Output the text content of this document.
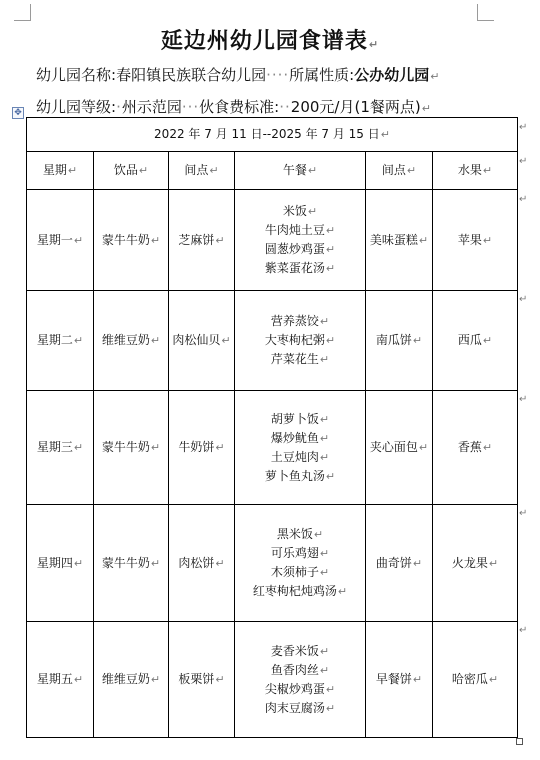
延边州幼儿园食谱表↵
幼儿园名称:春阳镇民族联合幼儿园····所属性质:公办幼儿园↵
幼儿园等级:·州示范园···伙食费标准:··200元/月(1餐两点)↵
✥
2022 年 7 月 11 日--2025 年 7 月 15 日↵					
星期↵	饮品↵	间点↵	午餐↵	间点↵	水果↵
星期一↵	蒙牛牛奶↵	芝麻饼↵	米饭↵
牛肉炖土豆↵
圆葱炒鸡蛋↵
紫菜蛋花汤↵	美味蛋糕↵	苹果↵
星期二↵	维维豆奶↵	肉松仙贝↵	营养蒸饺↵
大枣枸杞粥↵
芹菜花生↵	南瓜饼↵	西瓜↵
星期三↵	蒙牛牛奶↵	牛奶饼↵	胡萝卜饭↵
爆炒鱿鱼↵
土豆炖肉↵
萝卜鱼丸汤↵	夹心面包↵	香蕉↵
星期四↵	蒙牛牛奶↵	肉松饼↵	黑米饭↵
可乐鸡翅↵
木须柿子↵
红枣枸杞炖鸡汤↵	曲奇饼↵	火龙果↵
星期五↵	维维豆奶↵	板栗饼↵	麦香米饭↵
鱼香肉丝↵
尖椒炒鸡蛋↵
肉末豆腐汤↵	早餐饼↵	哈密瓜↵
↵
↵
↵
↵
↵
↵
↵
